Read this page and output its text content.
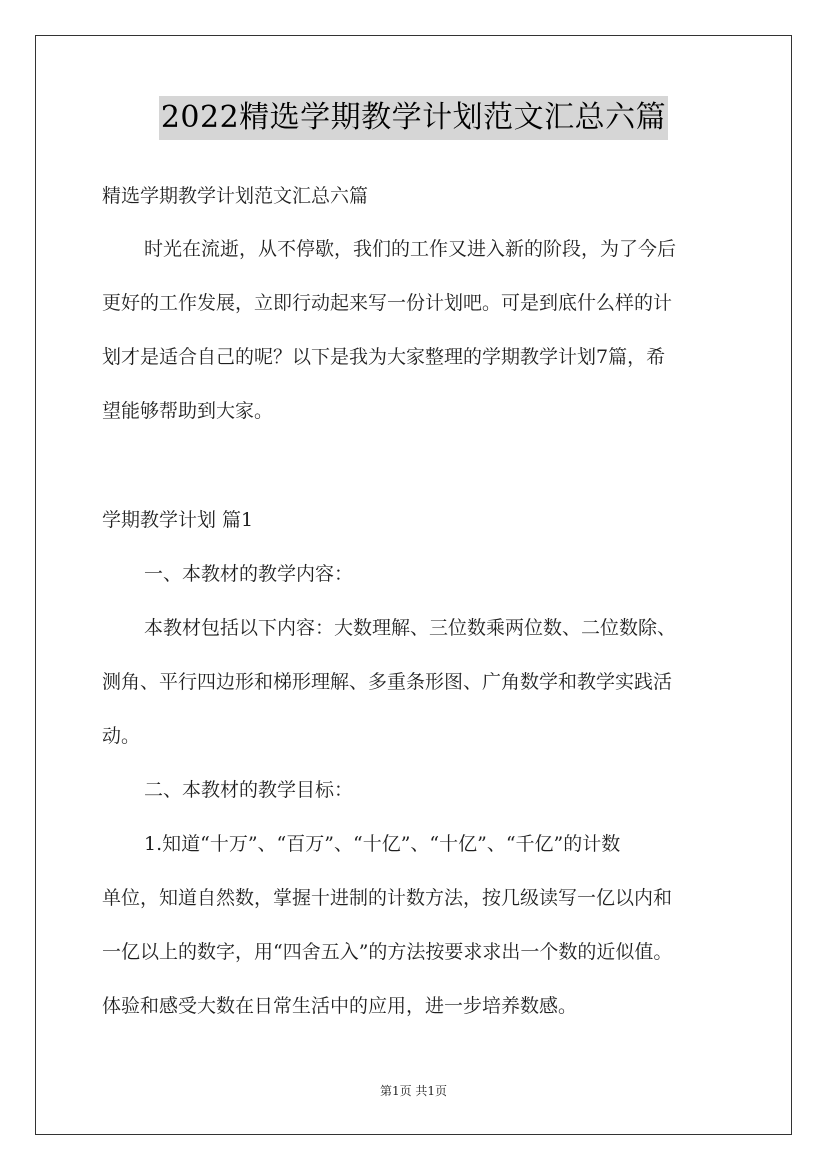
2022精选学期教学计划范文汇总六篇
精选学期教学计划范文汇总六篇
时光在流逝，从不停歇，我们的工作又进入新的阶段，为了今后
更好的工作发展，立即行动起来写一份计划吧。可是到底什么样的计
划才是适合自己的呢？以下是我为大家整理的学期教学计划7篇，希
望能够帮助到大家。
学期教学计划 篇1
一、本教材的教学内容：
本教材包括以下内容：大数理解、三位数乘两位数、二位数除、
测角、平行四边形和梯形理解、多重条形图、广角数学和教学实践活
动。
二、本教材的教学目标：
1.知道“十万”、“百万”、“十亿”、“十亿”、“千亿”的计数
单位，知道自然数，掌握十进制的计数方法，按几级读写一亿以内和
一亿以上的数字，用“四舍五入”的方法按要求求出一个数的近似值。
体验和感受大数在日常生活中的应用，进一步培养数感。
第1页 共1页
